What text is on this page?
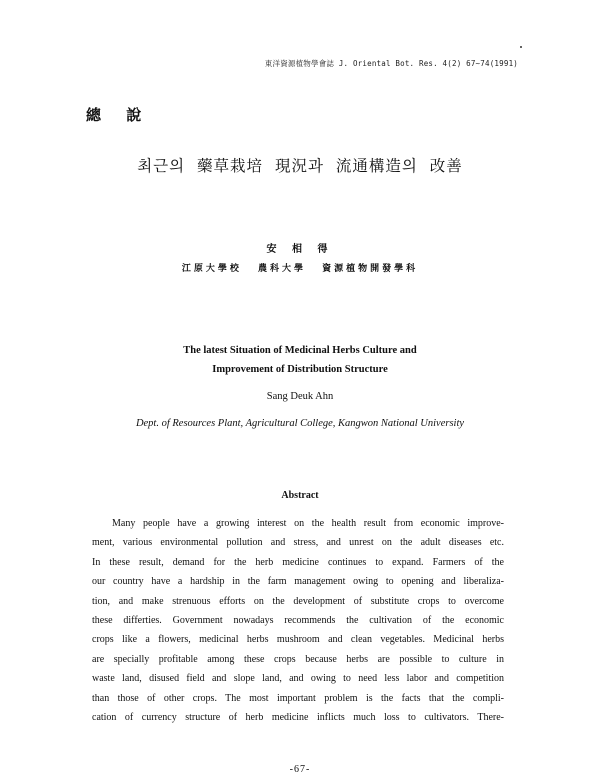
東洋資源植物學會誌 J. Oriental Bot. Res. 4(2) 67~74(1991)
總 說
최근의 藥草栽培 現況과 流通構造의 改善
安 相 得
江原大學校 農科大學 資源植物開發學科
The latest Situation of Medicinal Herbs Culture and
Improvement of Distribution Structure
Sang Deuk Ahn
Dept. of Resources Plant, Agricultural College, Kangwon National University
Abstract
Many people have a growing interest on the health result from economic improve-
ment, various environmental pollution and stress, and unrest on the adult diseases etc.
In these result, demand for the herb medicine continues to expand. Farmers of the
our country have a hardship in the farm management owing to opening and liberaliza-
tion, and make strenuous efforts on the development of substitute crops to overcome
these differties. Government nowadays recommends the cultivation of the economic
crops like a flowers, medicinal herbs mushroom and clean vegetables. Medicinal herbs
are specially profitable among these crops because herbs are possible to culture in
waste land, disused field and slope land, and owing to need less labor and competition
than those of other crops. The most important problem is the facts that the compli-
cation of currency structure of herb medicine inflicts much loss to cultivators. There-
-67-
